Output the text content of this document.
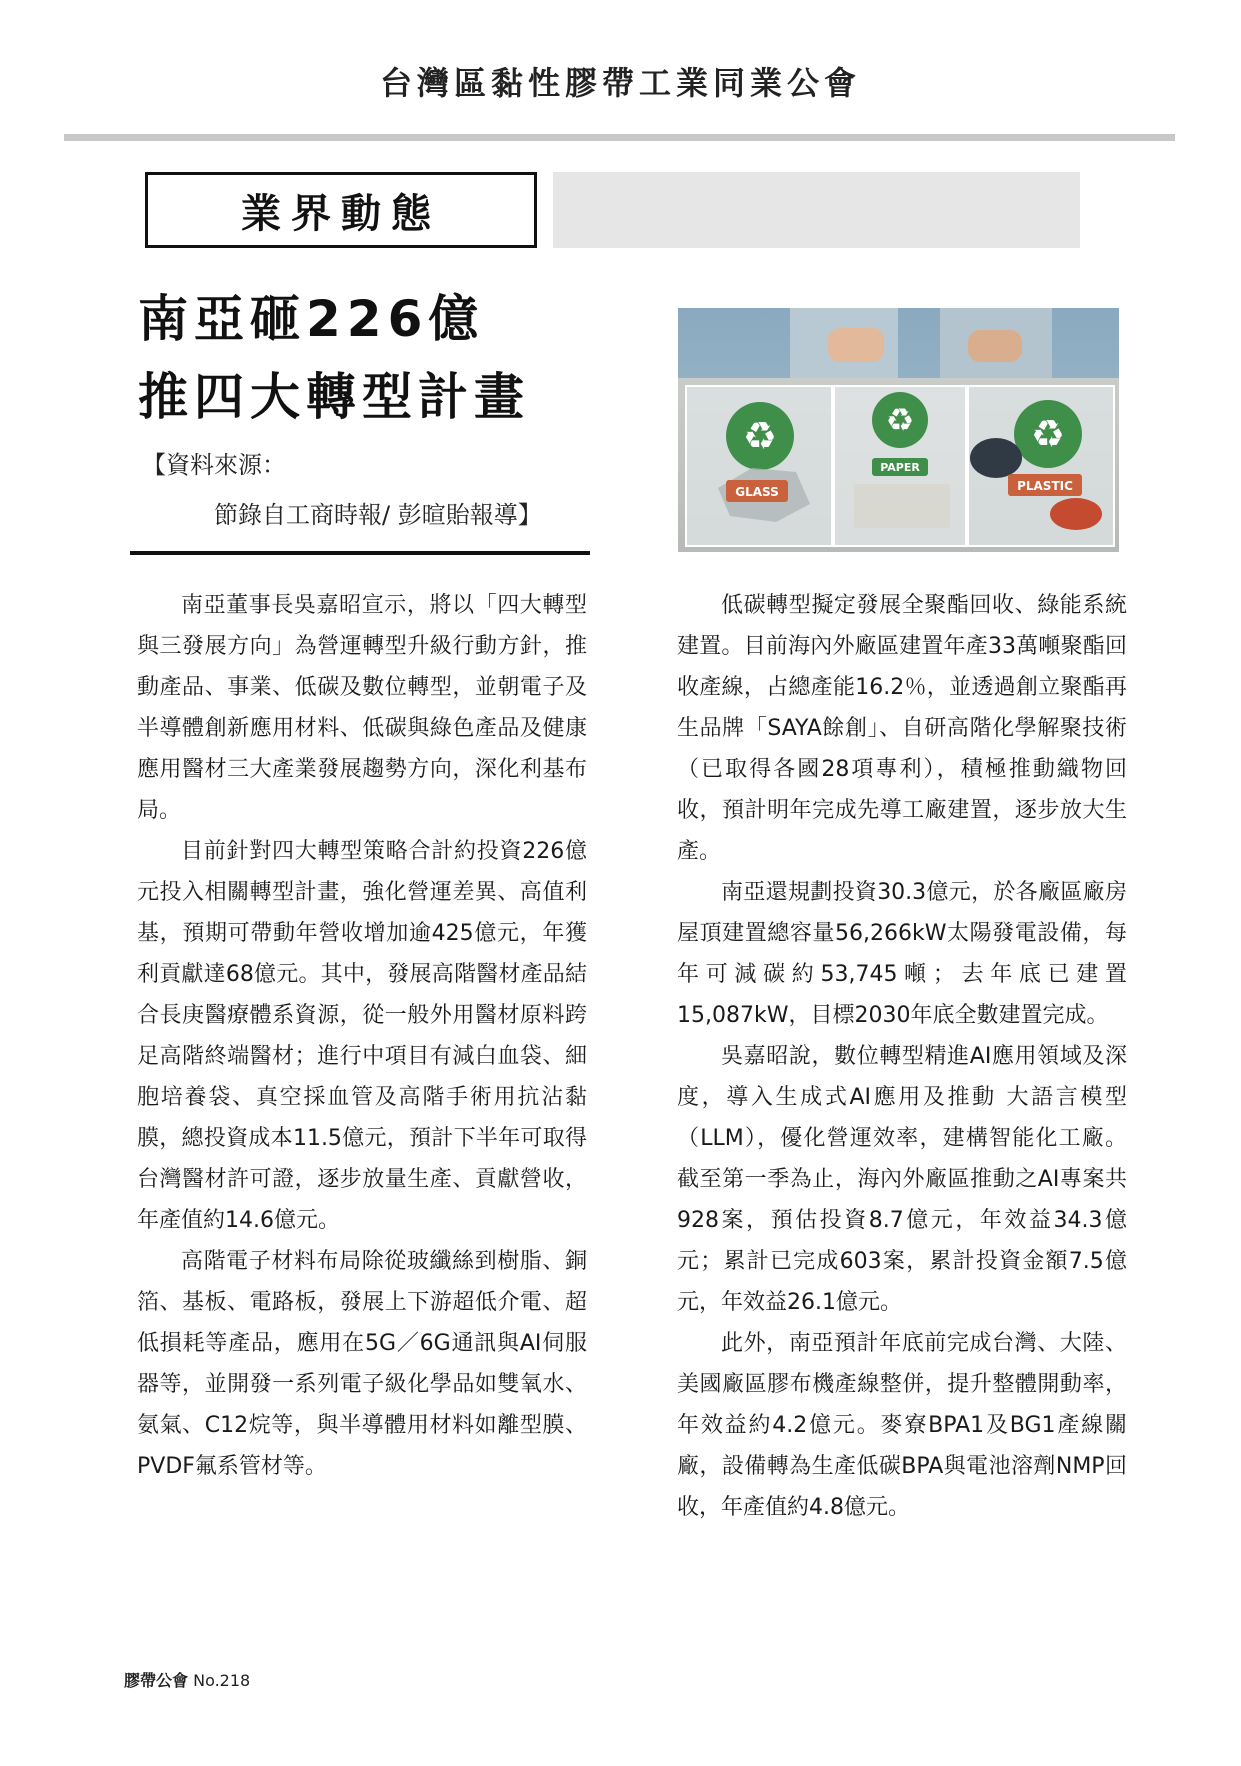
台灣區黏性膠帶工業同業公會
業界動態
南亞砸226億
推四大轉型計畫
【資料來源：
節錄自工商時報/ 彭暄貽報導】
♻
GLASS
♻
PAPER
♻
PLASTIC

南亞董事長吳嘉昭宣示，將以「四大轉型與三發展方向」為營運轉型升級行動方針，推動產品、事業、低碳及數位轉型，並朝電子及半導體創新應用材料、低碳與綠色產品及健康應用醫材三大產業發展趨勢方向，深化利基布局。

目前針對四大轉型策略合計約投資226億元投入相關轉型計畫，強化營運差異、高值利基，預期可帶動年營收增加逾425億元，年獲利貢獻達68億元。其中，發展高階醫材產品結合長庚醫療體系資源，從一般外用醫材原料跨足高階終端醫材；進行中項目有減白血袋、細胞培養袋、真空採血管及高階手術用抗沾黏膜，總投資成本11.5億元，預計下半年可取得台灣醫材許可證，逐步放量生產、貢獻營收，年產值約14.6億元。

高階電子材料布局除從玻纖絲到樹脂、銅箔、基板、電路板，發展上下游超低介電、超低損耗等產品，應用在5G／6G通訊與AI伺服器等，並開發一系列電子級化學品如雙氧水、氨氣、C12烷等，與半導體用材料如離型膜、PVDF氟系管材等。

低碳轉型擬定發展全聚酯回收、綠能系統建置。目前海內外廠區建置年產33萬噸聚酯回收產線，占總產能16.2％，並透過創立聚酯再生品牌「SAYA餘創」、自研高階化學解聚技術（已取得各國28項專利），積極推動織物回收，預計明年完成先導工廠建置，逐步放大生產。

南亞還規劃投資30.3億元，於各廠區廠房屋頂建置總容量56,266kW太陽發電設備，每年可減碳約53,745噸；去年底已建置15,087kW，目標2030年底全數建置完成。

吳嘉昭說，數位轉型精進AI應用領域及深度，導入生成式AI應用及推動 大語言模型（LLM），優化營運效率，建構智能化工廠。截至第一季為止，海內外廠區推動之AI專案共928案，預估投資8.7億元，年效益34.3億元；累計已完成603案，累計投資金額7.5億元，年效益26.1億元。

此外，南亞預計年底前完成台灣、大陸、美國廠區膠布機產線整併，提升整體開動率，年效益約4.2億元。麥寮BPA1及BG1產線關廠，設備轉為生產低碳BPA與電池溶劑NMP回收，年產值約4.8億元。

膠帶公會 No.218
